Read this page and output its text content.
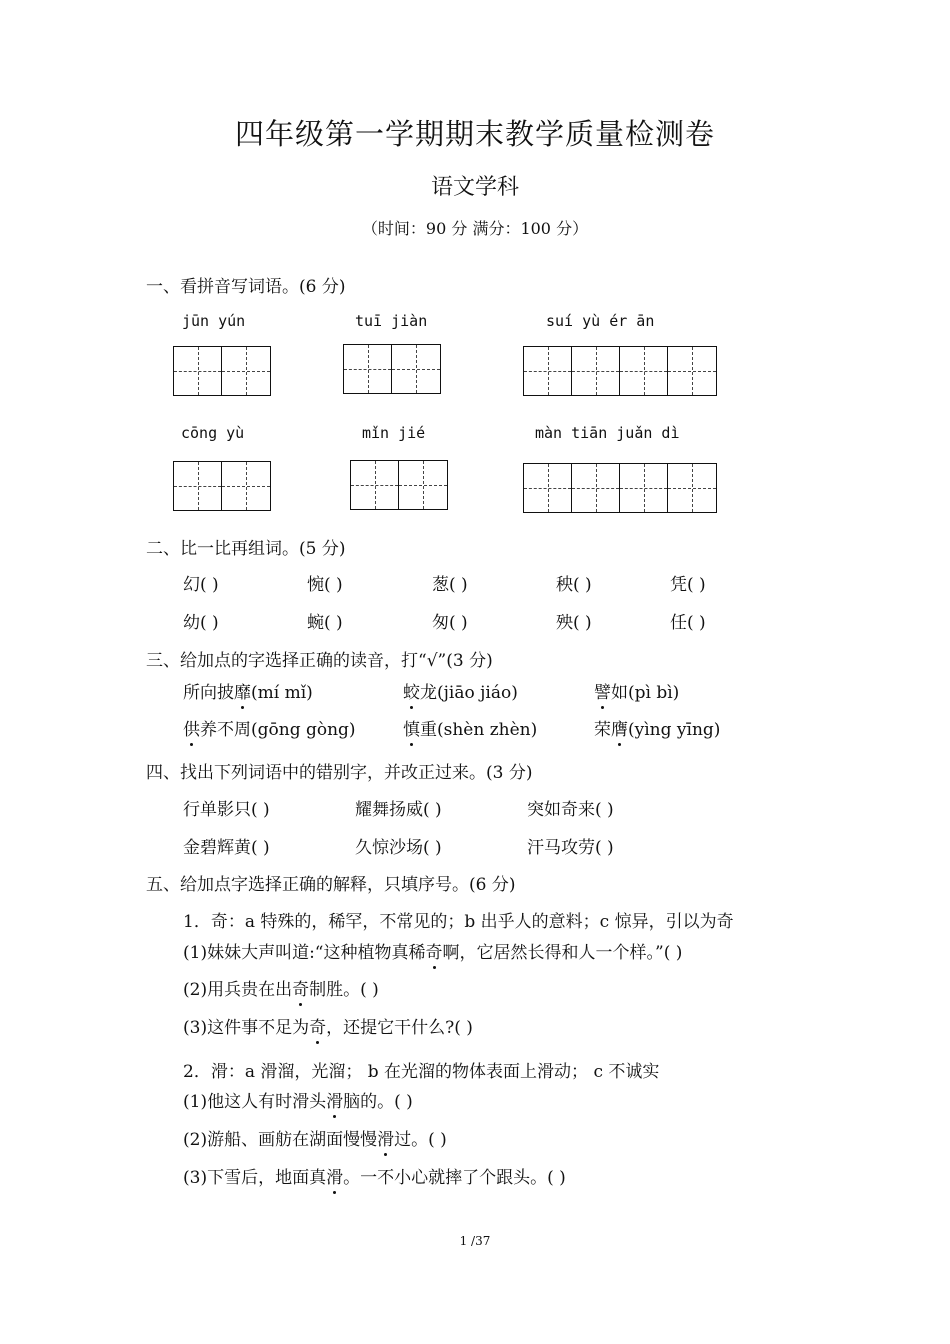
四年级第一学期期末教学质量检测卷
语文学科
（时间：90 分 满分：100 分）
一、看拼音写词语。(6 分)
jūn yún	tuī jiàn	suí yù ér ān
cōng yù	mǐn jié	màn tiān juǎn dì
二、比一比再组词。(5 分)
幻( )	惋( )	葱( )	秧( )	凭( )
幼( )	蜿( )	匆( )	殃( )	任( )
三、给加点的字选择正确的读音，打“√”(3 分)
所向披靡(mí mǐ)	蛟龙(jiāo jiáo)	譬如(pì bì)
供养不周(gōng gòng)	慎重(shèn zhèn)	荣膺(yìng yīng)
四、找出下列词语中的错别字，并改正过来。(3 分)
行单影只( )	耀舞扬威( )	突如奇来( )
金碧辉黄( )	久惊沙场( )	汗马攻劳( )
五、给加点字选择正确的解释，只填序号。(6 分)
1．奇：a 特殊的，稀罕，不常见的；b 出乎人的意料；c 惊异，引以为奇
(1)妹妹大声叫道:“这种植物真稀奇啊，它居然长得和人一个样。”( )
(2)用兵贵在出奇制胜。( )
(3)这件事不足为奇，还提它干什么?( )
2．滑：a 滑溜，光溜； b 在光溜的物体表面上滑动； c 不诚实
(1)他这人有时滑头滑脑的。( )
(2)游船、画舫在湖面慢慢滑过。( )
(3)下雪后，地面真滑。一不小心就摔了个跟头。( )
1 /37
